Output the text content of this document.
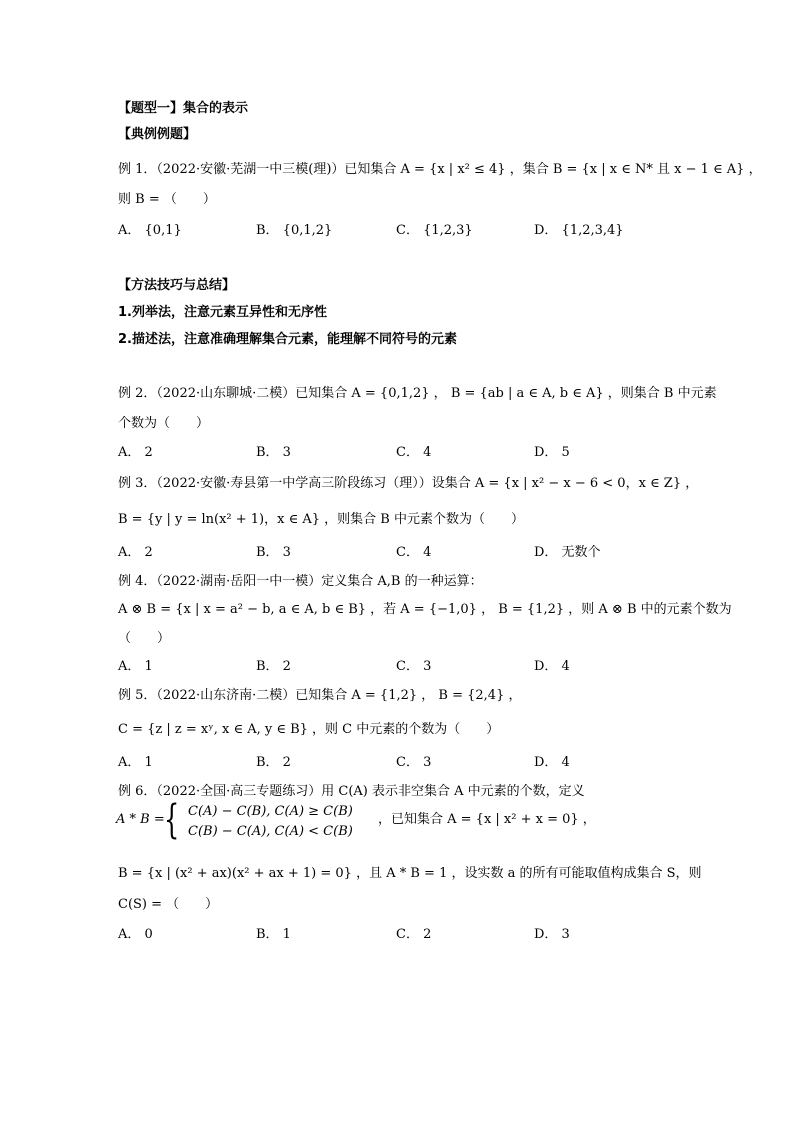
【题型一】集合的表示
【典例例题】
例 1．（2022·安徽·芜湖一中三模(理)）已知集合 A = {x | x² ≤ 4} ，集合 B = {x | x ∈ N* 且 x − 1 ∈ A} ，
则 B = （　　）
A． {0,1}	B． {0,1,2}	C． {1,2,3}	D． {1,2,3,4}
【方法技巧与总结】
1.列举法，注意元素互异性和无序性
2.描述法，注意准确理解集合元素，能理解不同符号的元素
例 2．（2022·山东聊城·二模）已知集合 A = {0,1,2} ， B = {ab | a ∈ A, b ∈ A} ，则集合 B 中元素
个数为（　　）
A． 2	B． 3	C． 4	D． 5
例 3．（2022·安徽·寿县第一中学高三阶段练习（理））设集合 A = {x | x² − x − 6 < 0，x ∈ Z} ，
B = {y | y = ln(x² + 1)，x ∈ A} ，则集合 B 中元素个数为（　　）
A． 2	B． 3	C． 4	D． 无数个
例 4．（2022·湖南·岳阳一中一模）定义集合 A,B 的一种运算：
A ⊗ B = {x | x = a² − b, a ∈ A, b ∈ B} ，若 A = {−1,0} ， B = {1,2} ，则 A ⊗ B 中的元素个数为
（　　）
A． 1	B． 2	C． 3	D． 4
例 5．（2022·山东济南·二模）已知集合 A = {1,2} ， B = {2,4} ，
C = {z | z = xʸ, x ∈ A, y ∈ B} ，则 C 中元素的个数为（　　）
A． 1	B． 2	C． 3	D． 4
例 6．（2022·全国·高三专题练习）用 C(A) 表示非空集合 A 中元素的个数，定义
A * B = { C(A) − C(B), C(A) ≥ C(B)
C(B) − C(A), C(A) < C(B)
，已知集合 A = {x | x² + x = 0} ，
B = {x | (x² + ax)(x² + ax + 1) = 0} ，且 A * B = 1 ，设实数 a 的所有可能取值构成集合 S，则
C(S) = （　　）
A． 0	B． 1	C． 2	D． 3
